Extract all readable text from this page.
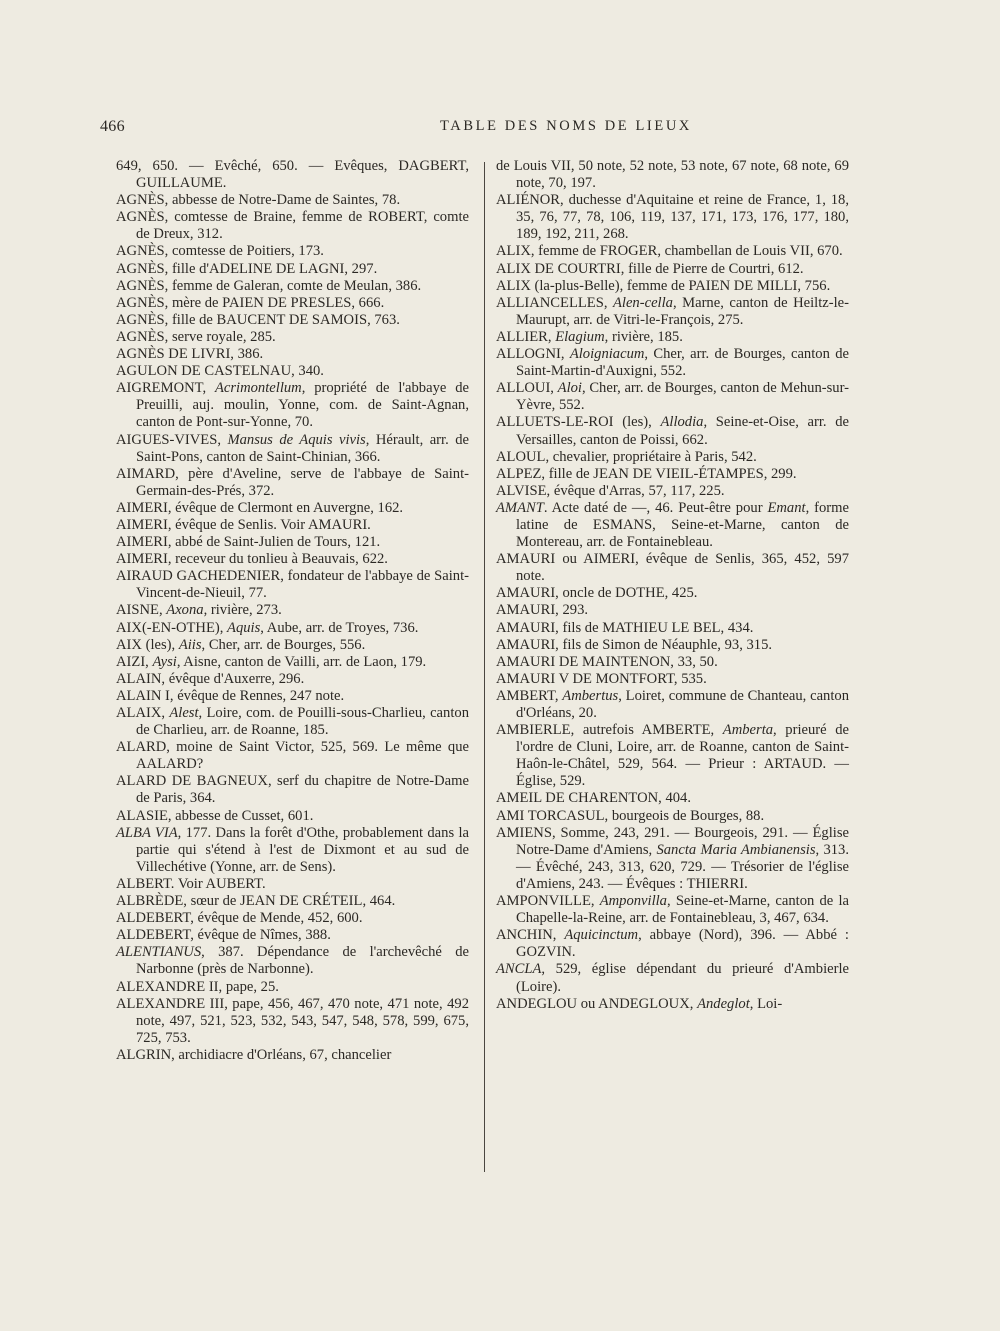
466	TABLE DES NOMS DE LIEUX

649, 650. — Evêché, 650. — Evêques, DAGBERT, GUILLAUME.

AGNÈS, abbesse de Notre-Dame de Saintes, 78.

AGNÈS, comtesse de Braine, femme de ROBERT, comte de Dreux, 312.

AGNÈS, comtesse de Poitiers, 173.

AGNÈS, fille d'ADELINE DE LAGNI, 297.

AGNÈS, femme de Galeran, comte de Meulan, 386.

AGNÈS, mère de PAIEN DE PRESLES, 666.

AGNÈS, fille de BAUCENT DE SAMOIS, 763.

AGNÈS, serve royale, 285.

AGNÈS DE LIVRI, 386.

AGULON DE CASTELNAU, 340.

AIGREMONT, Acrimontellum, propriété de l'abbaye de Preuilli, auj. moulin, Yonne, com. de Saint-Agnan, canton de Pont-sur-Yonne, 70.

AIGUES-VIVES, Mansus de Aquis vivis, Hérault, arr. de Saint-Pons, canton de Saint-Chinian, 366.

AIMARD, père d'Aveline, serve de l'abbaye de Saint-Germain-des-Prés, 372.

AIMERI, évêque de Clermont en Auvergne, 162.

AIMERI, évêque de Senlis. Voir AMAURI.

AIMERI, abbé de Saint-Julien de Tours, 121.

AIMERI, receveur du tonlieu à Beauvais, 622.

AIRAUD GACHEDENIER, fondateur de l'abbaye de Saint-Vincent-de-Nieuil, 77.

AISNE, Axona, rivière, 273.

AIX(-EN-OTHE), Aquis, Aube, arr. de Troyes, 736.

AIX (les), Aiis, Cher, arr. de Bourges, 556.

AIZI, Aysi, Aisne, canton de Vailli, arr. de Laon, 179.

ALAIN, évêque d'Auxerre, 296.

ALAIN I, évêque de Rennes, 247 note.

ALAIX, Alest, Loire, com. de Pouilli-sous-Charlieu, canton de Charlieu, arr. de Roanne, 185.

ALARD, moine de Saint Victor, 525, 569. Le même que AALARD?

ALARD DE BAGNEUX, serf du chapitre de Notre-Dame de Paris, 364.

ALASIE, abbesse de Cusset, 601.

ALBA VIA, 177. Dans la forêt d'Othe, probablement dans la partie qui s'étend à l'est de Dixmont et au sud de Villechétive (Yonne, arr. de Sens).

ALBERT. Voir AUBERT.

ALBRÈDE, sœur de JEAN DE CRÉTEIL, 464.

ALDEBERT, évêque de Mende, 452, 600.

ALDEBERT, évêque de Nîmes, 388.

ALENTIANUS, 387. Dépendance de l'archevêché de Narbonne (près de Narbonne).

ALEXANDRE II, pape, 25.

ALEXANDRE III, pape, 456, 467, 470 note, 471 note, 492 note, 497, 521, 523, 532, 543, 547, 548, 578, 599, 675, 725, 753.

ALGRIN, archidiacre d'Orléans, 67, chancelier

de Louis VII, 50 note, 52 note, 53 note, 67 note, 68 note, 69 note, 70, 197.

ALIÉNOR, duchesse d'Aquitaine et reine de France, 1, 18, 35, 76, 77, 78, 106, 119, 137, 171, 173, 176, 177, 180, 189, 192, 211, 268.

ALIX, femme de FROGER, chambellan de Louis VII, 670.

ALIX DE COURTRI, fille de Pierre de Courtri, 612.

ALIX (la-plus-Belle), femme de PAIEN DE MILLI, 756.

ALLIANCELLES, Alen-cella, Marne, canton de Heiltz-le-Maurupt, arr. de Vitri-le-François, 275.

ALLIER, Elagium, rivière, 185.

ALLOGNI, Aloigniacum, Cher, arr. de Bourges, canton de Saint-Martin-d'Auxigni, 552.

ALLOUI, Aloi, Cher, arr. de Bourges, canton de Mehun-sur-Yèvre, 552.

ALLUETS-LE-ROI (les), Allodia, Seine-et-Oise, arr. de Versailles, canton de Poissi, 662.

ALOUL, chevalier, propriétaire à Paris, 542.

ALPEZ, fille de JEAN DE VIEIL-ÉTAMPES, 299.

ALVISE, évêque d'Arras, 57, 117, 225.

AMANT. Acte daté de —, 46. Peut-être pour Emant, forme latine de ESMANS, Seine-et-Marne, canton de Montereau, arr. de Fontainebleau.

AMAURI ou AIMERI, évêque de Senlis, 365, 452, 597 note.

AMAURI, oncle de DOTHE, 425.

AMAURI, 293.

AMAURI, fils de MATHIEU LE BEL, 434.

AMAURI, fils de Simon de Néauphle, 93, 315.

AMAURI DE MAINTENON, 33, 50.

AMAURI V DE MONTFORT, 535.

AMBERT, Ambertus, Loiret, commune de Chanteau, canton d'Orléans, 20.

AMBIERLE, autrefois AMBERTE, Amberta, prieuré de l'ordre de Cluni, Loire, arr. de Roanne, canton de Saint-Haôn-le-Châtel, 529, 564. — Prieur : ARTAUD. — Église, 529.

AMEIL DE CHARENTON, 404.

AMI TORCASUL, bourgeois de Bourges, 88.

AMIENS, Somme, 243, 291. — Bourgeois, 291. — Église Notre-Dame d'Amiens, Sancta Maria Ambianensis, 313. — Évêché, 243, 313, 620, 729. — Trésorier de l'église d'Amiens, 243. — Évêques : THIERRI.

AMPONVILLE, Amponvilla, Seine-et-Marne, canton de la Chapelle-la-Reine, arr. de Fontainebleau, 3, 467, 634.

ANCHIN, Aquicinctum, abbaye (Nord), 396. — Abbé : GOZVIN.

ANCLA, 529, église dépendant du prieuré d'Ambierle (Loire).

ANDEGLOU ou ANDEGLOUX, Andeglot, Loi-
